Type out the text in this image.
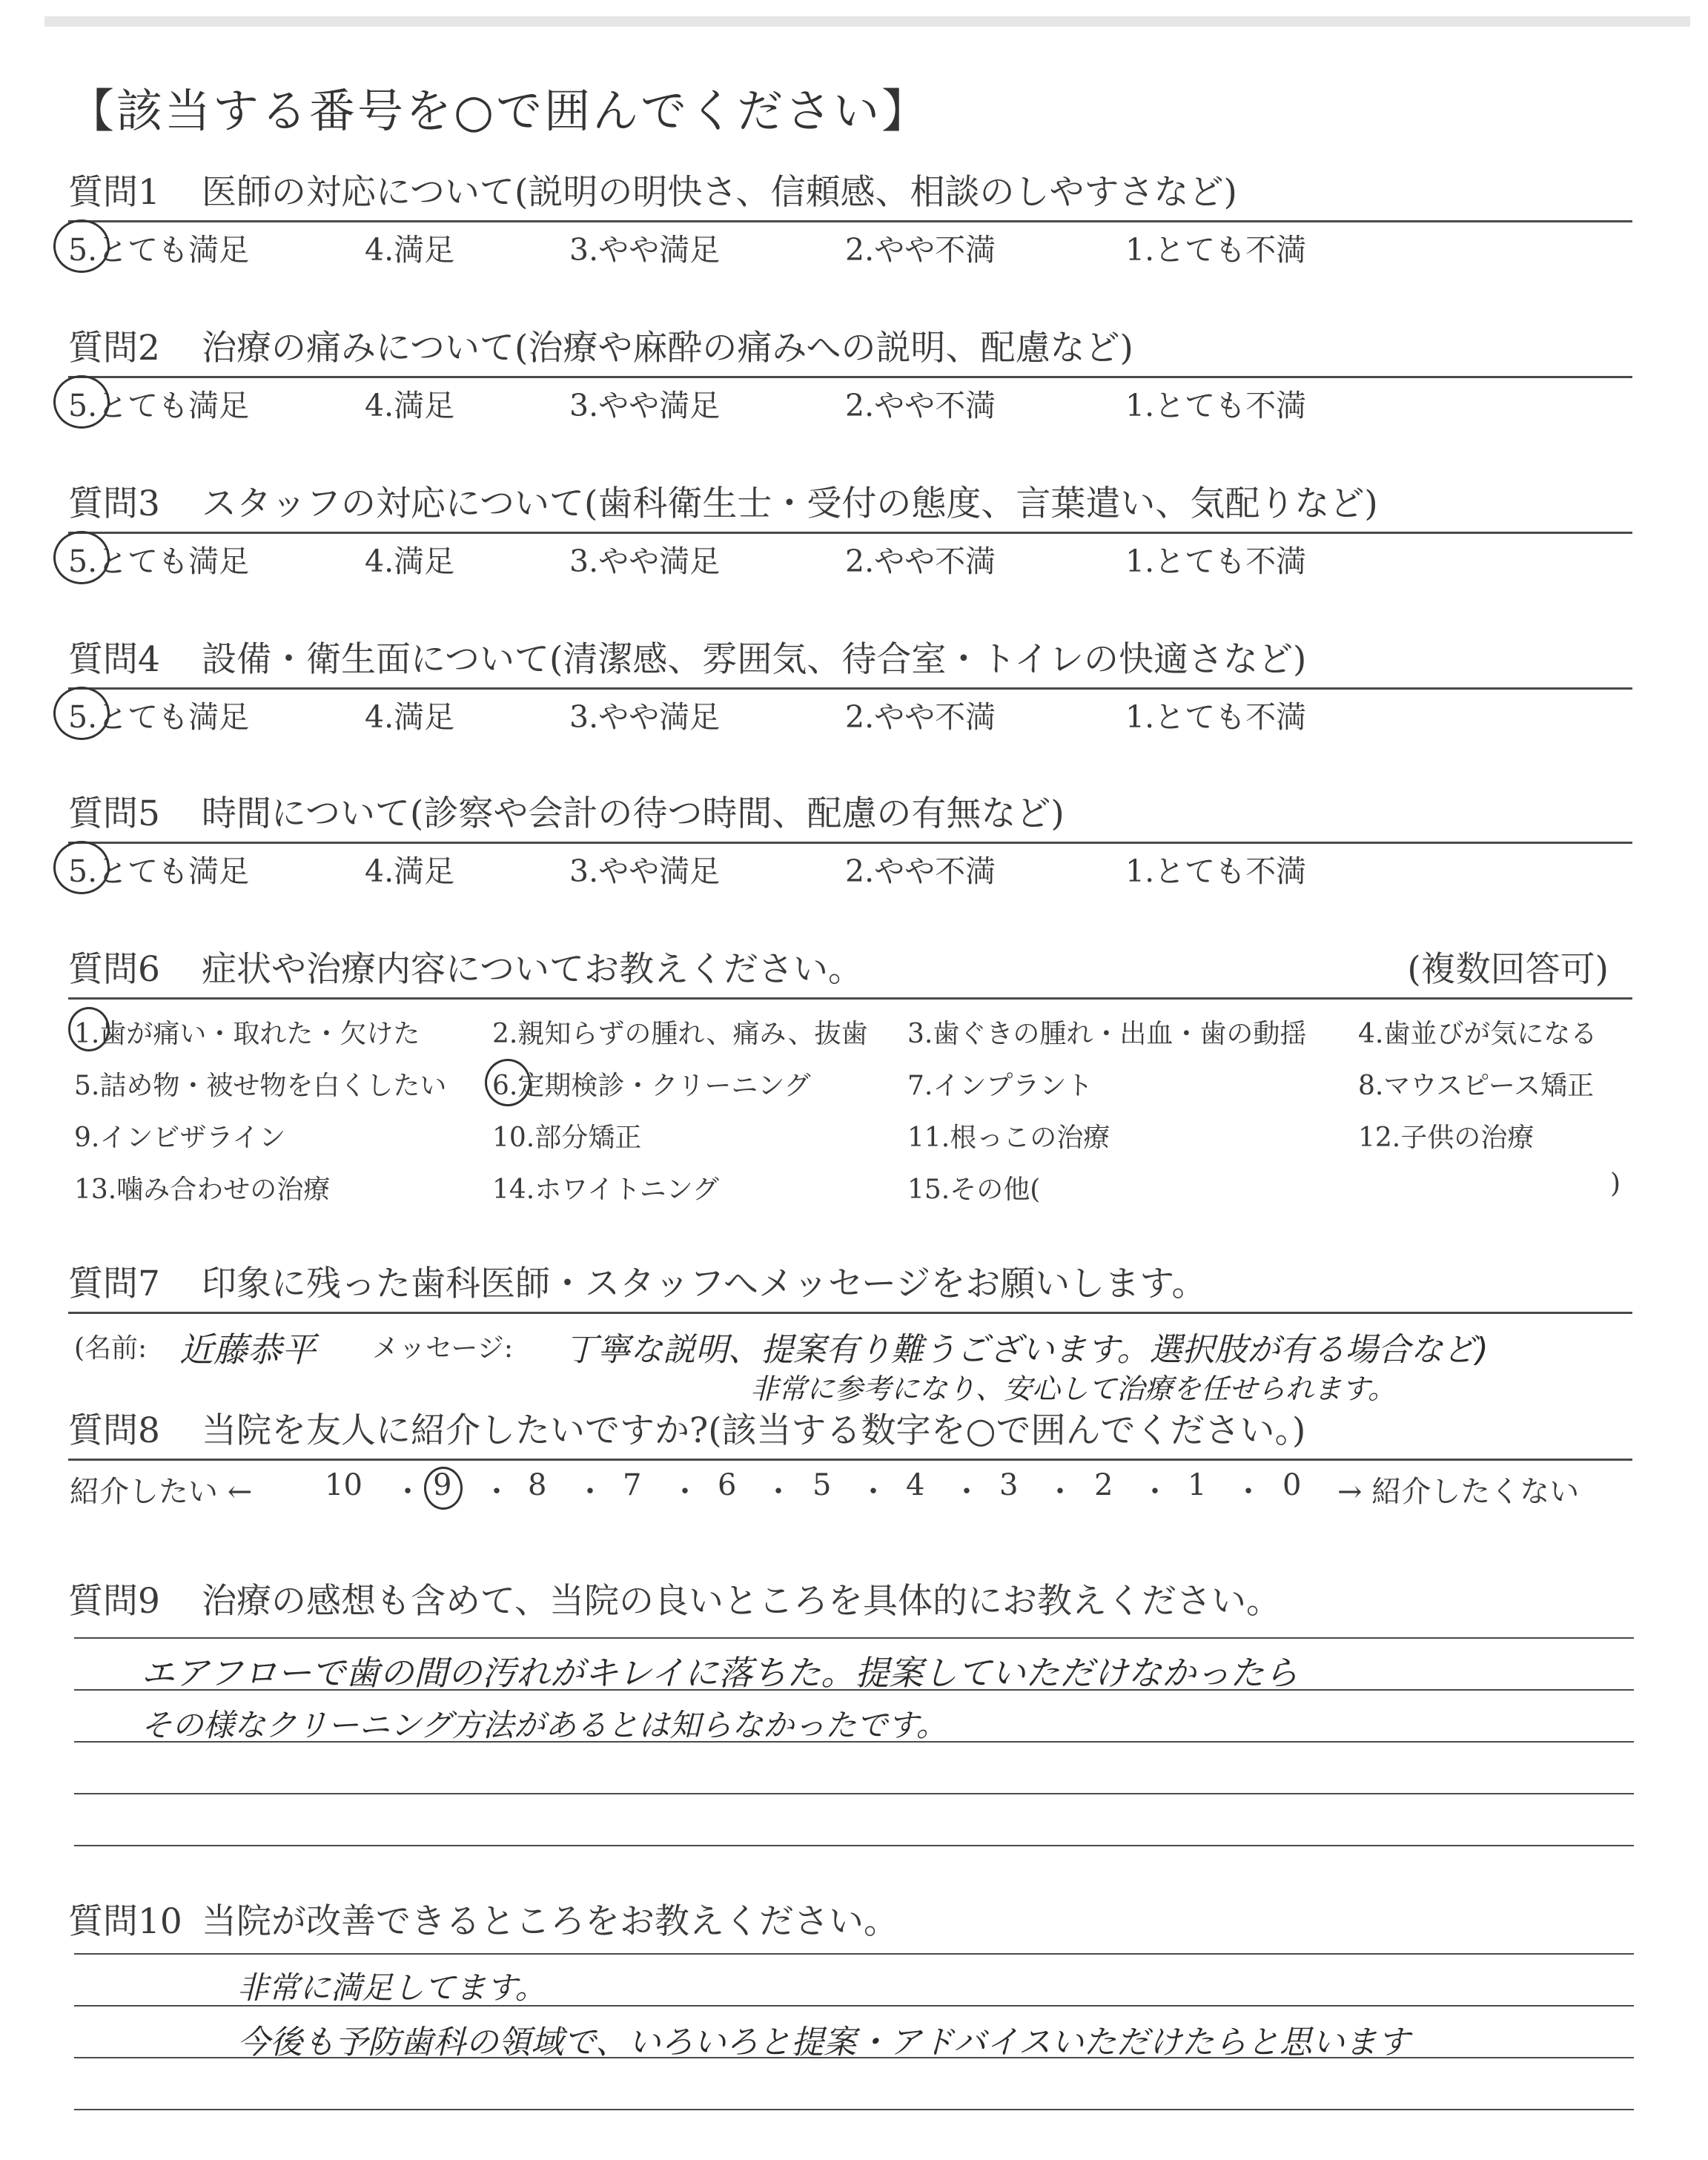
【該当する番号を○で囲んでください】
質問1 医師の対応について(説明の明快さ、信頼感、相談のしやすさなど)
5.とても満足	4.満足	3.やや満足	2.やや不満	1.とても不満
質問2 治療の痛みについて(治療や麻酔の痛みへの説明、配慮など)
5.とても満足	4.満足	3.やや満足	2.やや不満	1.とても不満
質問3 スタッフの対応について(歯科衛生士・受付の態度、言葉遣い、気配りなど)
5.とても満足	4.満足	3.やや満足	2.やや不満	1.とても不満
質問4 設備・衛生面について(清潔感、雰囲気、待合室・トイレの快適さなど)
5.とても満足	4.満足	3.やや満足	2.やや不満	1.とても不満
質問5 時間について(診察や会計の待つ時間、配慮の有無など)
5.とても満足	4.満足	3.やや満足	2.やや不満	1.とても不満
質問6 症状や治療内容についてお教えください。	(複数回答可)
1.歯が痛い・取れた・欠けた	2.親知らずの腫れ、痛み、抜歯 3.歯ぐきの腫れ・出血・歯の動揺 4.歯並びが気になる
5.詰め物・被せ物を白くしたい 6.定期検診・クリーニング	7.インプラント	8.マウスピース矯正
9.インビザライン	10.部分矯正	11.根っこの治療	12.子供の治療
13.噛み合わせの治療	14.ホワイトニング	15.その他(	)
質問7 印象に残った歯科医師・スタッフへメッセージをお願いします。
(名前: 近藤恭平 メッセージ: 丁寧な説明、提案有り難うございます。選択肢が有る場合など)
非常に参考になり、安心して治療を任せられます。
質問8 当院を友人に紹介したいですか?(該当する数字を○で囲んでください。)
紹介したい ← 10 ・ 9 ・ 8 ・ 7 ・ 6 ・ 5 ・ 4 ・ 3 ・ 2 ・ 1 ・ 0 → 紹介したくない
質問9 治療の感想も含めて、当院の良いところを具体的にお教えください。
エアフローで歯の間の汚れがキレイに落ちた。提案していただけなかったら
その様なクリーニング方法があるとは知らなかったです。
質問10 当院が改善できるところをお教えください。
非常に満足してます。
今後も予防歯科の領域で、いろいろと提案・アドバイスいただけたらと思います
